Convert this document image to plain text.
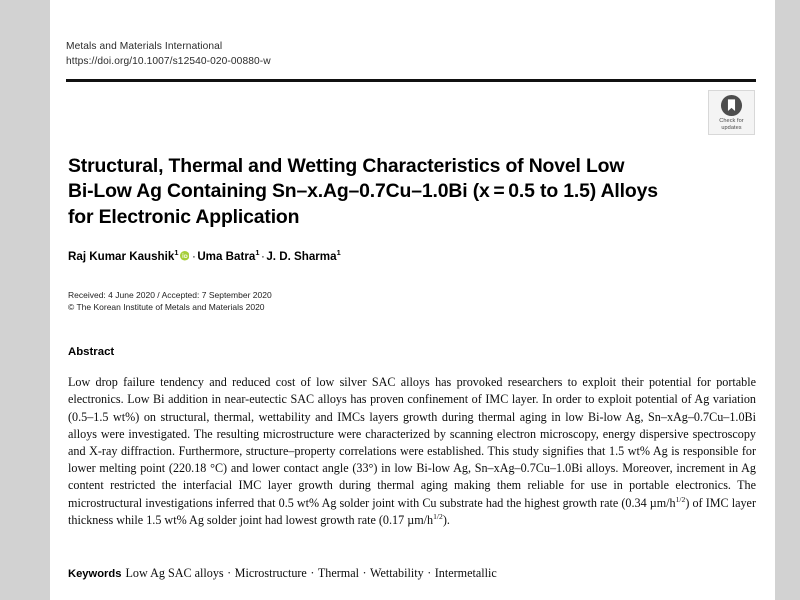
Metals and Materials International
https://doi.org/10.1007/s12540-020-00880-w
Check for
updates
Structural, Thermal and Wetting Characteristics of Novel Low
Bi-Low Ag Containing Sn–x.Ag–0.7Cu–1.0Bi (x = 0.5 to 1.5) Alloys
for Electronic Application
Raj Kumar Kaushik$^1$ · Uma Batra$^1$ · J. D. Sharma$^1$
Received: 4 June 2020 / Accepted: 7 September 2020
© The Korean Institute of Metals and Materials 2020
Abstract

Low drop failure tendency and reduced cost of low silver SAC alloys has provoked researchers to exploit their potential for portable electronics. Low Bi addition in near-eutectic SAC alloys has proven confinement of IMC layer. In order to exploit potential of Ag variation (0.5–1.5 wt%) on structural, thermal, wettability and IMCs layers growth during thermal aging in low Bi-low Ag, Sn–xAg–0.7Cu–1.0Bi alloys were investigated. The resulting microstructure were characterized by scanning electron microscopy, energy dispersive spectroscopy and X-ray diffraction. Furthermore, structure–property correlations were established. This study signifies that 1.5 wt% Ag is responsible for lower melting point (220.18 °C) and lower contact angle (33°) in low Bi-low Ag, Sn–xAg–0.7Cu–1.0Bi alloys. Moreover, increment in Ag content restricted the interfacial IMC layer growth during thermal aging making them reliable for use in portable electronics. The microstructural investigations inferred that 0.5 wt% Ag solder joint with Cu substrate had the highest growth rate (0.34 $\mu m/h^{1/2}$) of IMC layer thickness while 1.5 wt% Ag solder joint had lowest growth rate (0.17 $\mu m/h^{1/2}$).

Keywords Low Ag SAC alloys · Microstructure · Thermal · Wettability · Intermetallic
